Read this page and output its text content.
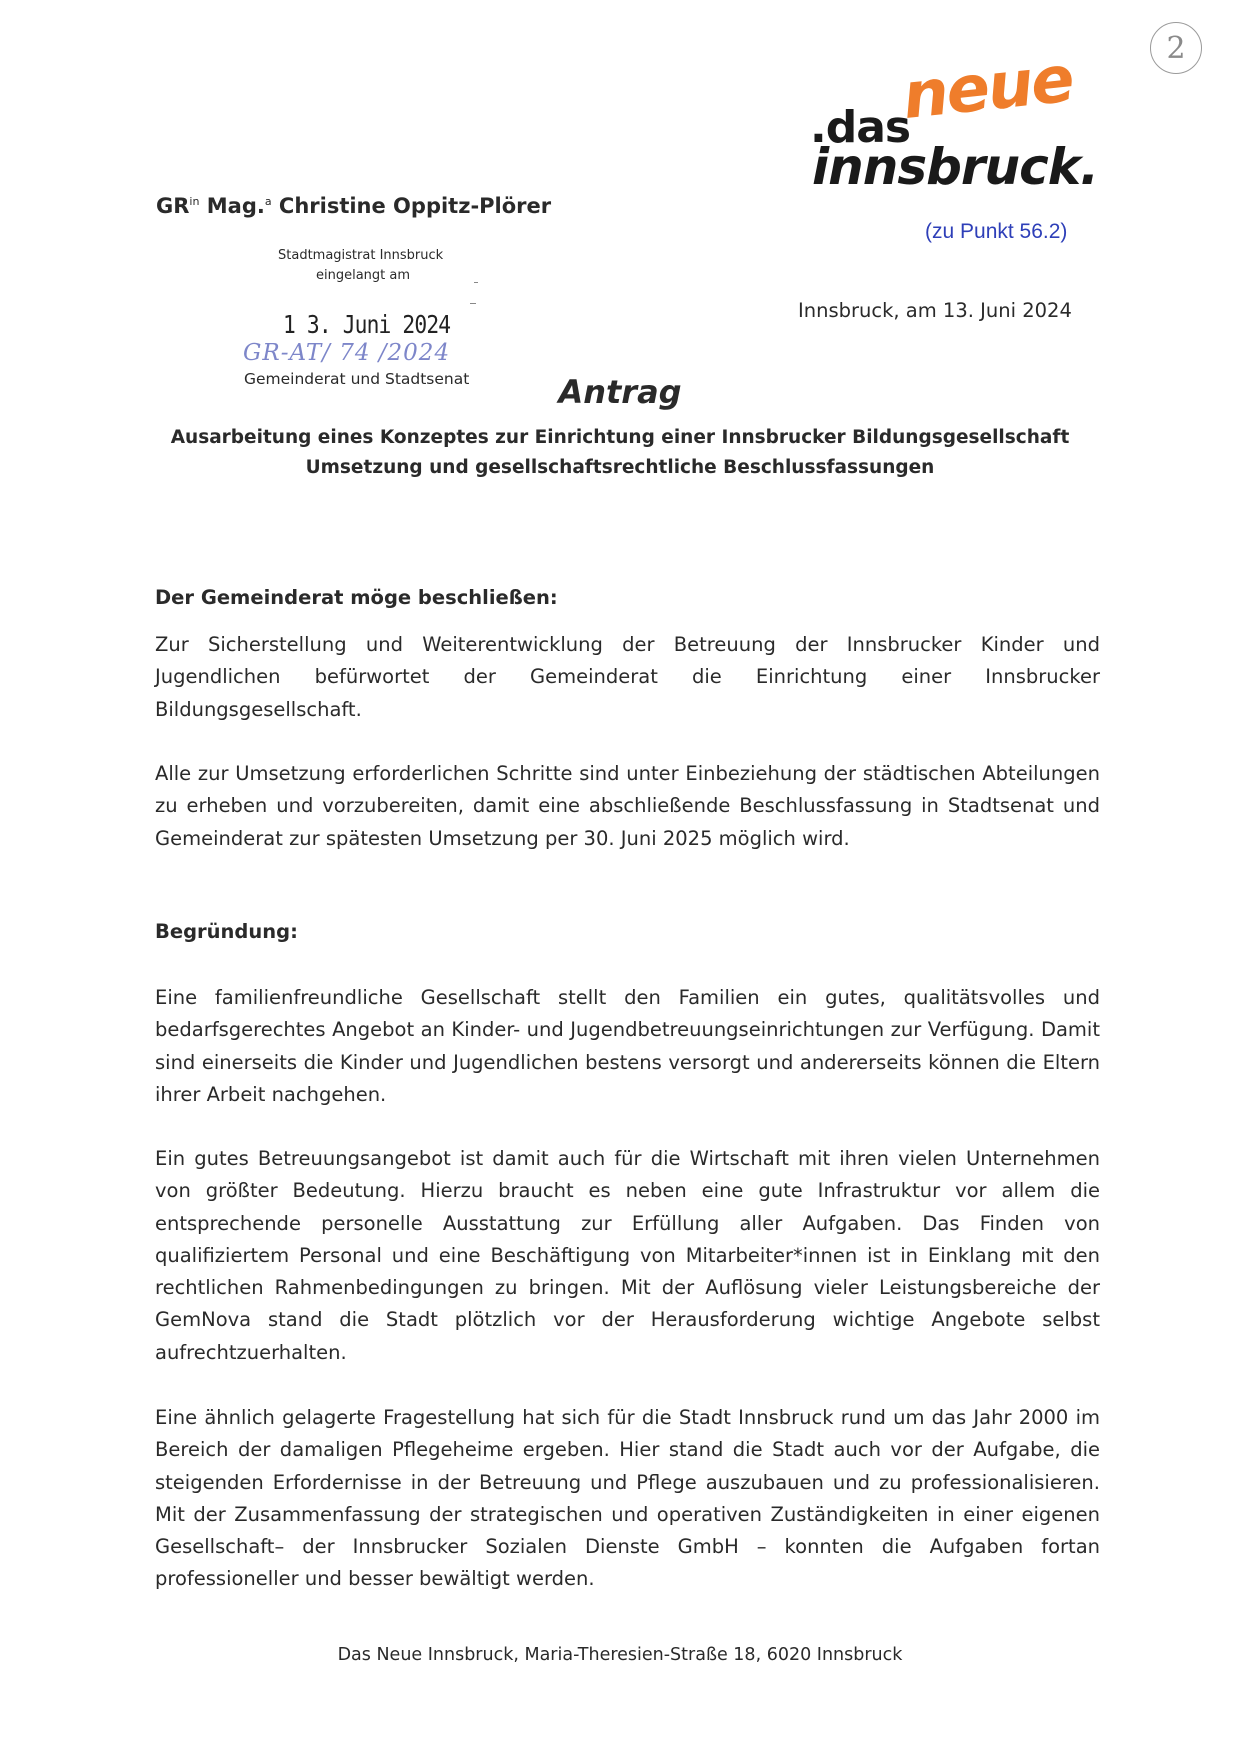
2
.das
neue
innsbruck.
(zu Punkt 56.2)
$GR^{in}$ Mag.$^a$ Christine Oppitz-Plörer
Stadtmagistrat Innsbruck
eingelangt am
1 3. Juni 2024
GR-AT/ 74 /2024
Gemeinderat und Stadtsenat
Innsbruck, am 13. Juni 2024
Antrag
Ausarbeitung eines Konzeptes zur Einrichtung einer Innsbrucker Bildungsgesellschaft
Umsetzung und gesellschaftsrechtliche Beschlussfassungen
Der Gemeinderat möge beschließen:
Zur Sicherstellung und Weiterentwicklung der Betreuung der Innsbrucker Kinder und Jugendlichen befürwortet der Gemeinderat die Einrichtung einer Innsbrucker Bildungsgesellschaft.
Alle zur Umsetzung erforderlichen Schritte sind unter Einbeziehung der städtischen Abteilungen zu erheben und vorzubereiten, damit eine abschließende Beschlussfassung in Stadtsenat und Gemeinderat zur spätesten Umsetzung per 30. Juni 2025 möglich wird.
Begründung:
Eine familienfreundliche Gesellschaft stellt den Familien ein gutes, qualitätsvolles und bedarfsgerechtes Angebot an Kinder- und Jugendbetreuungseinrichtungen zur Verfügung. Damit sind einerseits die Kinder und Jugendlichen bestens versorgt und andererseits können die Eltern ihrer Arbeit nachgehen.
Ein gutes Betreuungsangebot ist damit auch für die Wirtschaft mit ihren vielen Unternehmen von größter Bedeutung. Hierzu braucht es neben eine gute Infrastruktur vor allem die entsprechende personelle Ausstattung zur Erfüllung aller Aufgaben. Das Finden von qualifiziertem Personal und eine Beschäftigung von Mitarbeiter*innen ist in Einklang mit den rechtlichen Rahmenbedingungen zu bringen. Mit der Auflösung vieler Leistungsbereiche der GemNova stand die Stadt plötzlich vor der Herausforderung wichtige Angebote selbst aufrechtzuerhalten.
Eine ähnlich gelagerte Fragestellung hat sich für die Stadt Innsbruck rund um das Jahr 2000 im Bereich der damaligen Pflegeheime ergeben. Hier stand die Stadt auch vor der Aufgabe, die steigenden Erfordernisse in der Betreuung und Pflege auszubauen und zu professionalisieren. Mit der Zusammenfassung der strategischen und operativen Zuständigkeiten in einer eigenen Gesellschaft– der Innsbrucker Sozialen Dienste GmbH – konnten die Aufgaben fortan professioneller und besser bewältigt werden.
Das Neue Innsbruck, Maria-Theresien-Straße 18, 6020 Innsbruck
